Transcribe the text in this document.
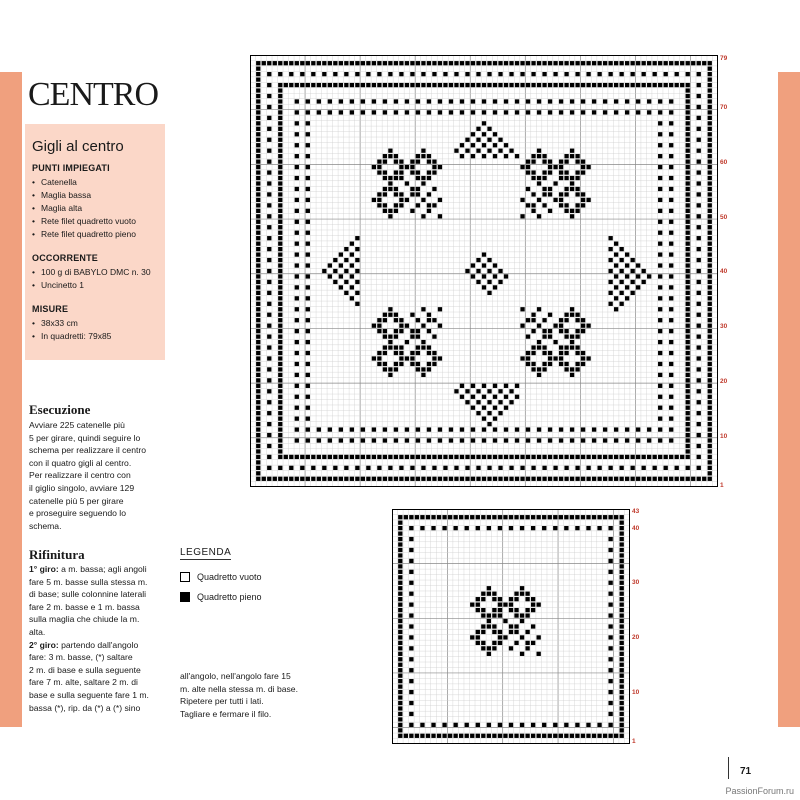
CENTRO
Gigli al centro
PUNTI IMPIEGATI
• Catenella
• Maglia bassa
• Maglia alta
• Rete filet quadretto vuoto
• Rete filet quadretto pieno
OCCORRENTE
• 100 g di BABYLO DMC n. 30
• Uncinetto 1
MISURE
• 38x33 cm
• In quadretti: 79x85
Esecuzione

Avviare 225 catenelle più
5 per girare, quindi seguire lo
schema per realizzare il centro
con il quatro gigli al centro.
Per realizzare il centro con
il giglio singolo, avviare 129
catenelle più 5 per girare
e proseguire seguendo lo
schema.

Rifinitura

1° giro: a m. bassa; agli angoli
fare 5 m. basse sulla stessa m.
di base; sulle colonnine laterali
fare 2 m. basse e 1 m. bassa
sulla maglia che chiude la m.
alta.

2° giro: partendo dall'angolo
fare: 3 m. basse, (*) saltare
2 m. di base e sulla seguente
fare 7 m. alte, saltare 2 m. di
base e sulla seguente fare 1 m.
bassa (*), rip. da (*) a (*) sino

all'angolo, nell'angolo fare 15
m. alte nella stessa m. di base.
Ripetere per tutti i lati.
Tagliare e fermare il filo.

LEGENDA
Quadretto vuoto
Quadretto pieno
79
70
60
50
40
30
20
10
1
43
40
30
20
10
1
71
PassionForum.ru
